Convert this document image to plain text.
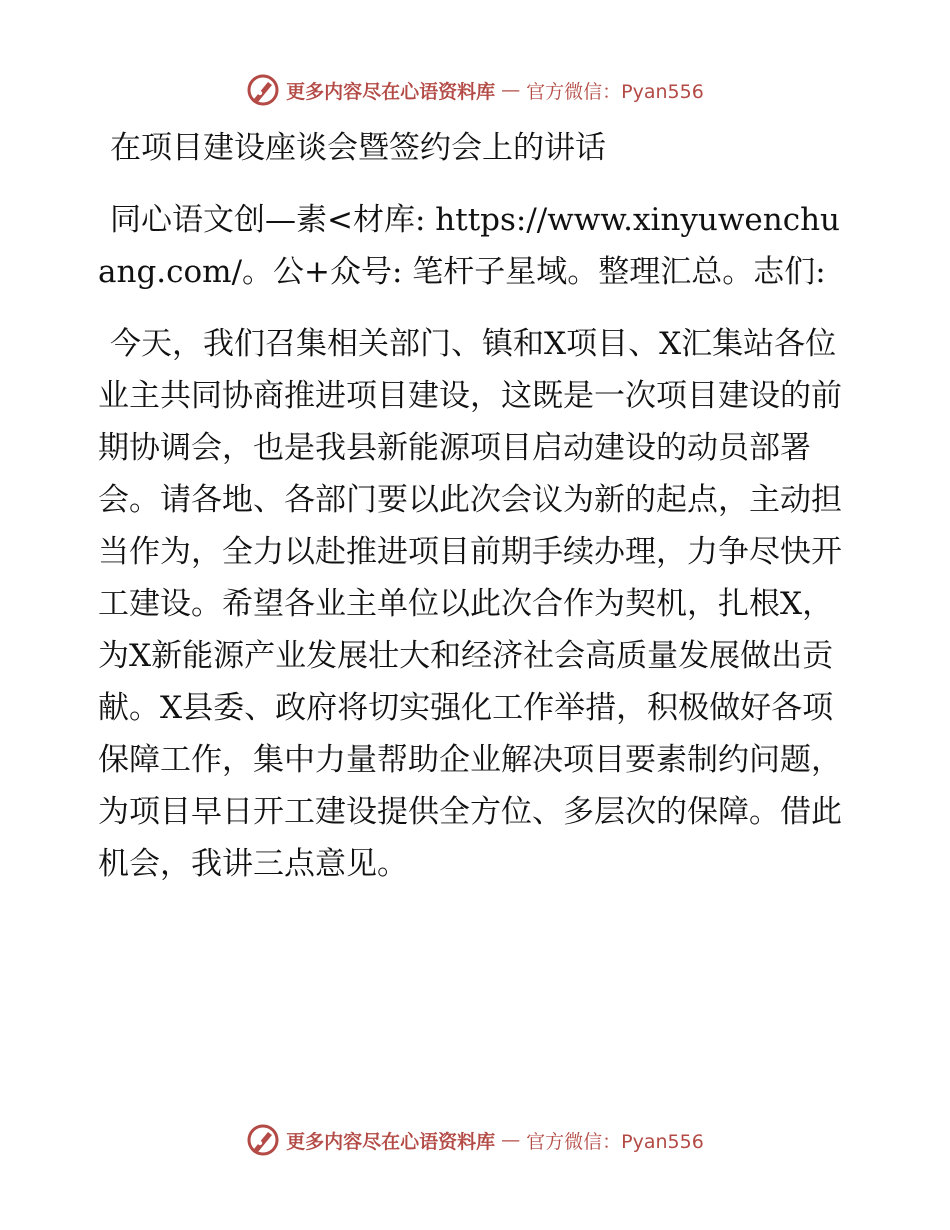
更多内容尽在心语资料库 — 官方微信：Pyan556
在项目建设座谈会暨签约会上的讲话

同心语文创—素<材库: https://www.xinyuwenchuang.com/。公+众号: 笔杆子星域。整理汇总。志们:

今天，我们召集相关部门、镇和X项目、X汇集站各位业主共同协商推进项目建设，这既是一次项目建设的前期协调会，也是我县新能源项目启动建设的动员部署会。请各地、各部门要以此次会议为新的起点，主动担当作为，全力以赴推进项目前期手续办理，力争尽快开工建设。希望各业主单位以此次合作为契机，扎根X，为X新能源产业发展壮大和经济社会高质量发展做出贡献。X县委、政府将切实强化工作举措，积极做好各项保障工作，集中力量帮助企业解决项目要素制约问题，为项目早日开工建设提供全方位、多层次的保障。借此机会，我讲三点意见。

更多内容尽在心语资料库 — 官方微信：Pyan556
